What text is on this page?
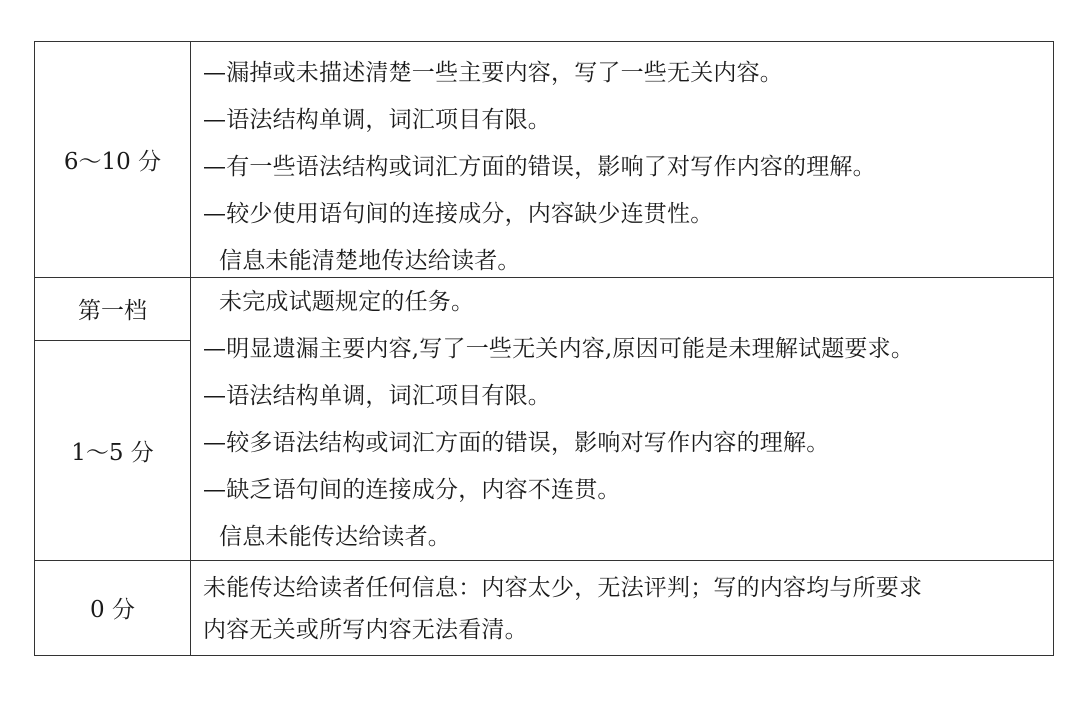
6～10 分
—漏掉或未描述清楚一些主要内容，写了一些无关内容。
—语法结构单调，词汇项目有限。
—有一些语法结构或词汇方面的错误，影响了对写作内容的理解。
—较少使用语句间的连接成分，内容缺少连贯性。
信息未能清楚地传达给读者。
第一档
1～5 分
未完成试题规定的任务。
—明显遗漏主要内容,写了一些无关内容,原因可能是未理解试题要求。
—语法结构单调，词汇项目有限。
—较多语法结构或词汇方面的错误，影响对写作内容的理解。
—缺乏语句间的连接成分，内容不连贯。
信息未能传达给读者。
0 分
未能传达给读者任何信息：内容太少，无法评判；写的内容均与所要求
内容无关或所写内容无法看清。
